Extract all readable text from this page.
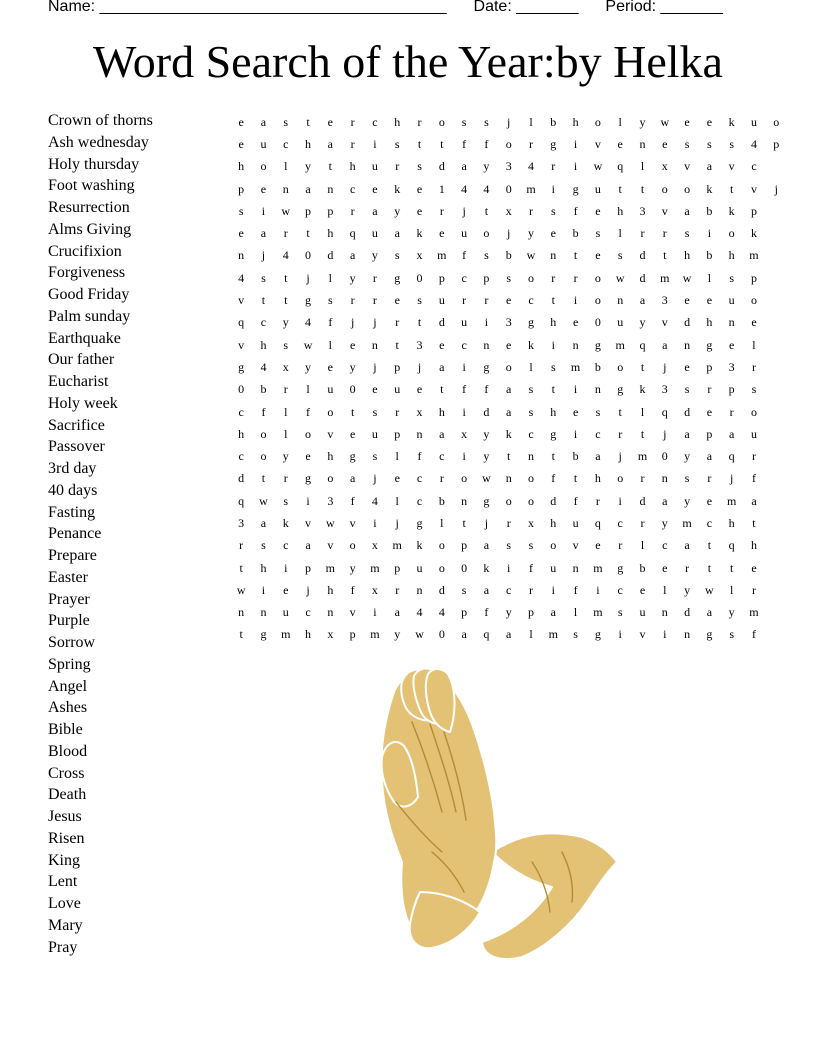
Name: _______________________________________ Date: _______ Period: _______
Word Search of the Year:by Helka
Crown of thorns
Ash wednesday
Holy thursday
Foot washing
Resurrection
Alms Giving
Crucifixion
Forgiveness
Good Friday
Palm sunday
Earthquake
Our father
Eucharist
Holy week
Sacrifice
Passover
3rd day
40 days
Fasting
Penance
Prepare
Easter
Prayer
Purple
Sorrow
Spring
Angel
Ashes
Bible
Blood
Cross
Death
Jesus
Risen
King
Lent
Love
Mary
Pray
e	a	s	t	e	r	c	h	r	o	s	s	j	l	b	h	o	l	y	w	e	e	k	u	o
e	u	c	h	a	r	i	s	t	t	f	f	o	r	g	i	v	e	n	e	s	s	s	4	p
h	o	l	y	t	h	u	r	s	d	a	y	3	4	r	i	w	q	l	x	v	a	v	c	
p	e	n	a	n	c	e	k	e	1	4	4	0	m	i	g	u	t	t	o	o	k	t	v	j
s	i	w	p	p	r	a	y	e	r	j	t	x	r	s	f	e	h	3	v	a	b	k	p	
e	a	r	t	h	q	u	a	k	e	u	o	j	y	e	b	s	l	r	r	s	i	o	k	
n	j	4	0	d	a	y	s	x	m	f	s	b	w	n	t	e	s	d	t	h	b	h	m	
4	s	t	j	l	y	r	g	0	p	c	p	s	o	r	r	o	w	d	m	w	l	s	p	
v	t	t	g	s	r	r	e	s	u	r	r	e	c	t	i	o	n	a	3	e	e	u	o	
q	c	y	4	f	j	j	r	t	d	u	i	3	g	h	e	0	u	y	v	d	h	n	e	
v	h	s	w	l	e	n	t	3	e	c	n	e	k	i	n	g	m	q	a	n	g	e	l	
g	4	x	y	e	y	j	p	j	a	i	g	o	l	s	m	b	o	t	j	e	p	3	r	
0	b	r	l	u	0	e	u	e	t	f	f	a	s	t	i	n	g	k	3	s	r	p	s	
c	f	l	f	o	t	s	r	x	h	i	d	a	s	h	e	s	t	l	q	d	e	r	o	
h	o	l	o	v	e	u	p	n	a	x	y	k	c	g	i	c	r	t	j	a	p	a	u	
c	o	y	e	h	g	s	l	f	c	i	y	t	n	t	b	a	j	m	0	y	a	q	r	
d	t	r	g	o	a	j	e	c	r	o	w	n	o	f	t	h	o	r	n	s	r	j	f	
q	w	s	i	3	f	4	l	c	b	n	g	o	o	d	f	r	i	d	a	y	e	m	a	
3	a	k	v	w	v	i	j	g	l	t	j	r	x	h	u	q	c	r	y	m	c	h	t	
r	s	c	a	v	o	x	m	k	o	p	a	s	s	o	v	e	r	l	c	a	t	q	h	
t	h	i	p	m	y	m	p	u	o	0	k	i	f	u	n	m	g	b	e	r	t	t	e	
w	i	e	j	h	f	x	r	n	d	s	a	c	r	i	f	i	c	e	l	y	w	l	r	
n	n	u	c	n	v	i	a	4	4	p	f	y	p	a	l	m	s	u	n	d	a	y	m	
t	g	m	h	x	p	m	y	w	0	a	q	a	l	m	s	g	i	v	i	n	g	s	f	
